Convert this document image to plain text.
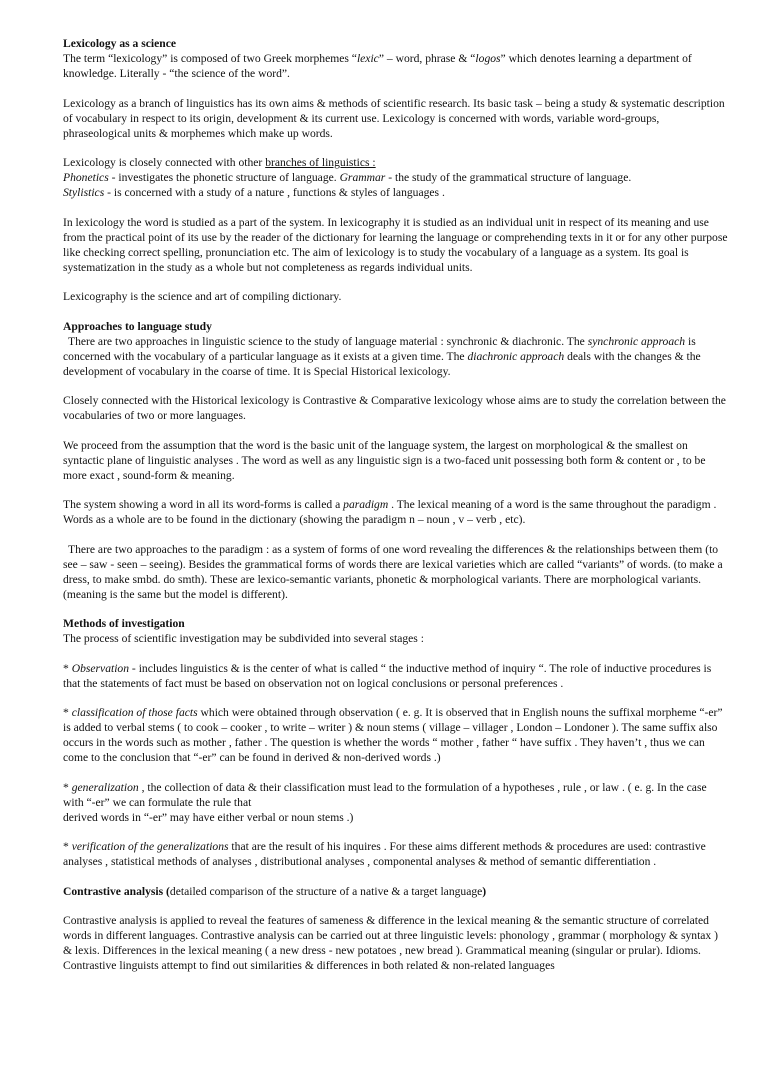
Lexicology as a science

The term “lexicology” is composed of two Greek morphemes “lexic” – word, phrase & “logos” which denotes learning a department of knowledge. Literally - “the science of the word”.

Lexicology as a branch of linguistics has its own aims & methods of scientific research. Its basic task – being a study & systematic description of vocabulary in respect to its origin, development & its current use. Lexicology is concerned with words, variable word-groups, phraseological units & morphemes which make up words.

Lexicology is closely connected with other branches of linguistics :
Phonetics - investigates the phonetic structure of language. Grammar - the study of the grammatical structure of language.
Stylistics - is concerned with a study of a nature , functions & styles of languages .

In lexicology the word is studied as a part of the system. In lexicography it is studied as an individual unit in respect of its meaning and use from the practical point of its use by the reader of the dictionary for learning the language or comprehending texts in it or for any other purpose like checking correct spelling, pronunciation etc. The aim of lexicology is to study the vocabulary of a language as a system. Its goal is systematization in the study as a whole but not completeness as regards individual units.

Lexicography is the science and art of compiling dictionary.

Approaches to language study

There are two approaches in linguistic science to the study of language material : synchronic & diachronic. The synchronic approach is concerned with the vocabulary of a particular language as it exists at a given time. The diachronic approach deals with the changes & the development of vocabulary in the coarse of time. It is Special Historical lexicology.

Closely connected with the Historical lexicology is Contrastive & Comparative lexicology whose aims are to study the correlation between the vocabularies of two or more languages.

We proceed from the assumption that the word is the basic unit of the language system, the largest on morphological & the smallest on syntactic plane of linguistic analyses . The word as well as any linguistic sign is a two-faced unit possessing both form & content or , to be more exact , sound-form & meaning.

The system showing a word in all its word-forms is called a paradigm . The lexical meaning of a word is the same throughout the paradigm . Words as a whole are to be found in the dictionary (showing the paradigm n – noun , v – verb , etc).

There are two approaches to the paradigm : as a system of forms of one word revealing the differences & the relationships between them (to see – saw - seen – seeing). Besides the grammatical forms of words there are lexical varieties which are called “variants” of words. (to make a dress, to make smbd. do smth). These are lexico-semantic variants, phonetic & morphological variants. There are morphological variants. (meaning is the same but the model is different).

Methods of investigation

The process of scientific investigation may be subdivided into several stages :

* Observation - includes linguistics & is the center of what is called “ the inductive method of inquiry “. The role of inductive procedures is that the statements of fact must be based on observation not on logical conclusions or personal preferences .

* classification of those facts which were obtained through observation ( e. g. It is observed that in English nouns the suffixal morpheme “-er” is added to verbal stems ( to cook – cooker , to write – writer ) & noun stems ( village – villager , London – Londoner ). The same suffix also occurs in the words such as mother , father . The question is whether the words “ mother , father “ have suffix . They haven’t , thus we can come to the conclusion that “-er” can be found in derived & non-derived words .)

* generalization , the collection of data & their classification must lead to the formulation of a hypotheses , rule , or law . ( e. g. In the case with “-er” we can formulate the rule that
derived words in “-er” may have either verbal or noun stems .)

* verification of the generalizations that are the result of his inquires . For these aims different methods & procedures are used: contrastive analyses , statistical methods of analyses , distributional analyses , componental analyses & method of semantic differentiation .

Contrastive analysis (detailed comparison of the structure of a native & a target language)

Contrastive analysis is applied to reveal the features of sameness & difference in the lexical meaning & the semantic structure of correlated words in different languages. Contrastive analysis can be carried out at three linguistic levels: phonology , grammar ( morphology & syntax ) & lexis. Differences in the lexical meaning ( a new dress - new potatoes , new bread ). Grammatical meaning (singular or prular). Idioms.

Contrastive linguists attempt to find out similarities & differences in both related & non-related languages
